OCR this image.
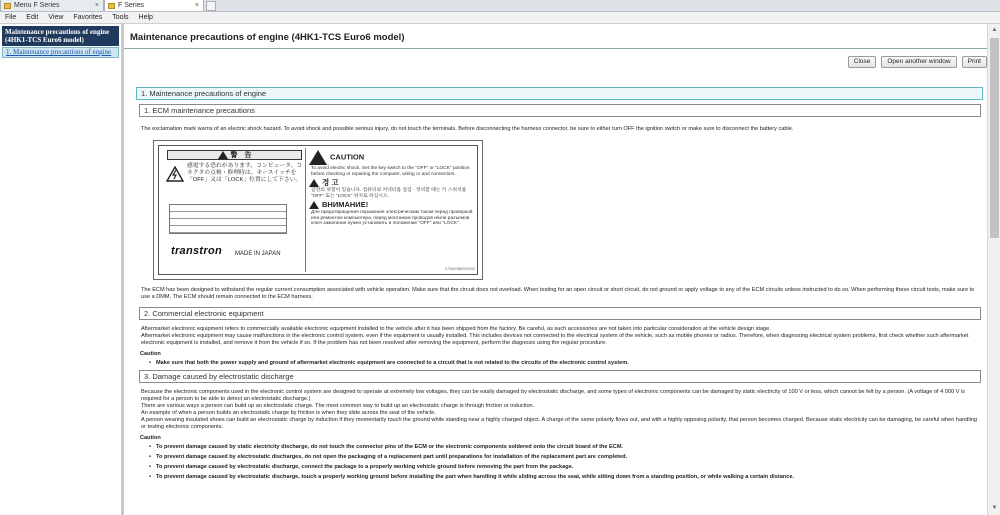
Menu F Series	×	F Series	×
File	Edit	View	Favorites	Tools	Help
Maintenance precautions of engine (4HK1-TCS Euro6 model)
1. Maintenance precautions of engine
Maintenance precautions of engine (4HK1-TCS Euro6 model)
Close	Open another window	Print
1. Maintenance precautions of engine
1. ECM maintenance precautions
The exclamation mark warns of an electric shock hazard. To avoid shock and possible serious injury, do not touch the terminals. Before disconnecting the harness connector, be sure to either turn OFF the ignition switch or make sure to disconnect the battery cable.
警　告
感電する恐れがあります。コンピュータ、コネクタの点検・修理時は、キースイッチを「OFF」又は「LOCK」位置にして下さい。
transtron MADE IN JAPAN
CAUTION
To avoid electric shock, Set the key switch to the "OFF" or "LOCK" position before checking or repairing the computer, wiring or and connectors.
경 고
감전의 위험이 있습니다. 컴퓨터와 커넥터를 점검 · 정비할 때는 키 스위치를 "OFF" 또는 "LOCK" 위치로 하십시오.
ВНИМАНИЕ!
Для предотвращения поражения электрическим током перед проверкой или ремонтом компьютера, перед монтажом проводов и/или разъемов ключ зажигания нужно установить в положение "OFF" или "LOCK".
KTM4V3B0000000
The ECM has been designed to withstand the regular current consumption associated with vehicle operation. Make sure that the circuit does not overload. When testing for an open circuit or short circuit, do not ground or apply voltage to any of the ECM circuits unless instructed to do so. When performing these circuit tests, make sure to use a DMM. The ECM should remain connected to the ECM harness.
2. Commercial electronic equipment
Aftermarket electronic equipment refers to commercially available electronic equipment installed to the vehicle after it has been shipped from the factory. Be careful, as such accessories are not taken into particular consideration at the vehicle design stage.
Aftermarket electronic equipment may cause malfunctions in the electronic control system, even if the equipment is usually installed. This includes devices not connected to the electrical system of the vehicle, such as mobile phones or radios. Therefore, when diagnosing electrical system problems, first check whether such aftermarket electronic equipment is installed, and remove it from the vehicle if so. If the problem has not been resolved after removing the equipment, perform the diagnosis using the regular procedure.
Caution
• Make sure that both the power supply and ground of aftermarket electronic equipment are connected to a circuit that is not related to the circuits of the electronic control system.
3. Damage caused by electrostatic discharge
Because the electronic components used in the electronic control system are designed to operate at extremely low voltages, they can be easily damaged by electrostatic discharge, and some types of electronic components can be damaged by static electricity of 100 V or less, which cannot be felt by a person. (A voltage of 4 000 V is required for a person to be able to detect an electrostatic discharge.)
There are various ways a person can build up an electrostatic charge. The most common way to build up an electrostatic charge is through friction or induction.
An example of when a person builds an electrostatic charge by friction is when they slide across the seat of the vehicle.
A person wearing insulated shoes can build an electrostatic charge by induction if they momentarily touch the ground while standing near a highly charged object. A charge of the same polarity flows out, and with a highly opposing polarity, that person becomes charged. Because static electricity can be damaging, be careful when handling or testing electronic components.
Caution
• To prevent damage caused by static electricity discharge, do not touch the connector pins of the ECM or the electronic components soldered onto the circuit board of the ECM.
• To prevent damage caused by electrostatic discharges, do not open the packaging of a replacement part until preparations for installation of the replacement part are completed.
• To prevent damage caused by electrostatic discharge, connect the package to a properly working vehicle ground before removing the part from the package.
• To prevent damage caused by electrostatic discharge, touch a properly working ground before installing the part when handling it while sliding across the seat, while sitting down from a standing position, or while walking a certain distance.
▲
▼
